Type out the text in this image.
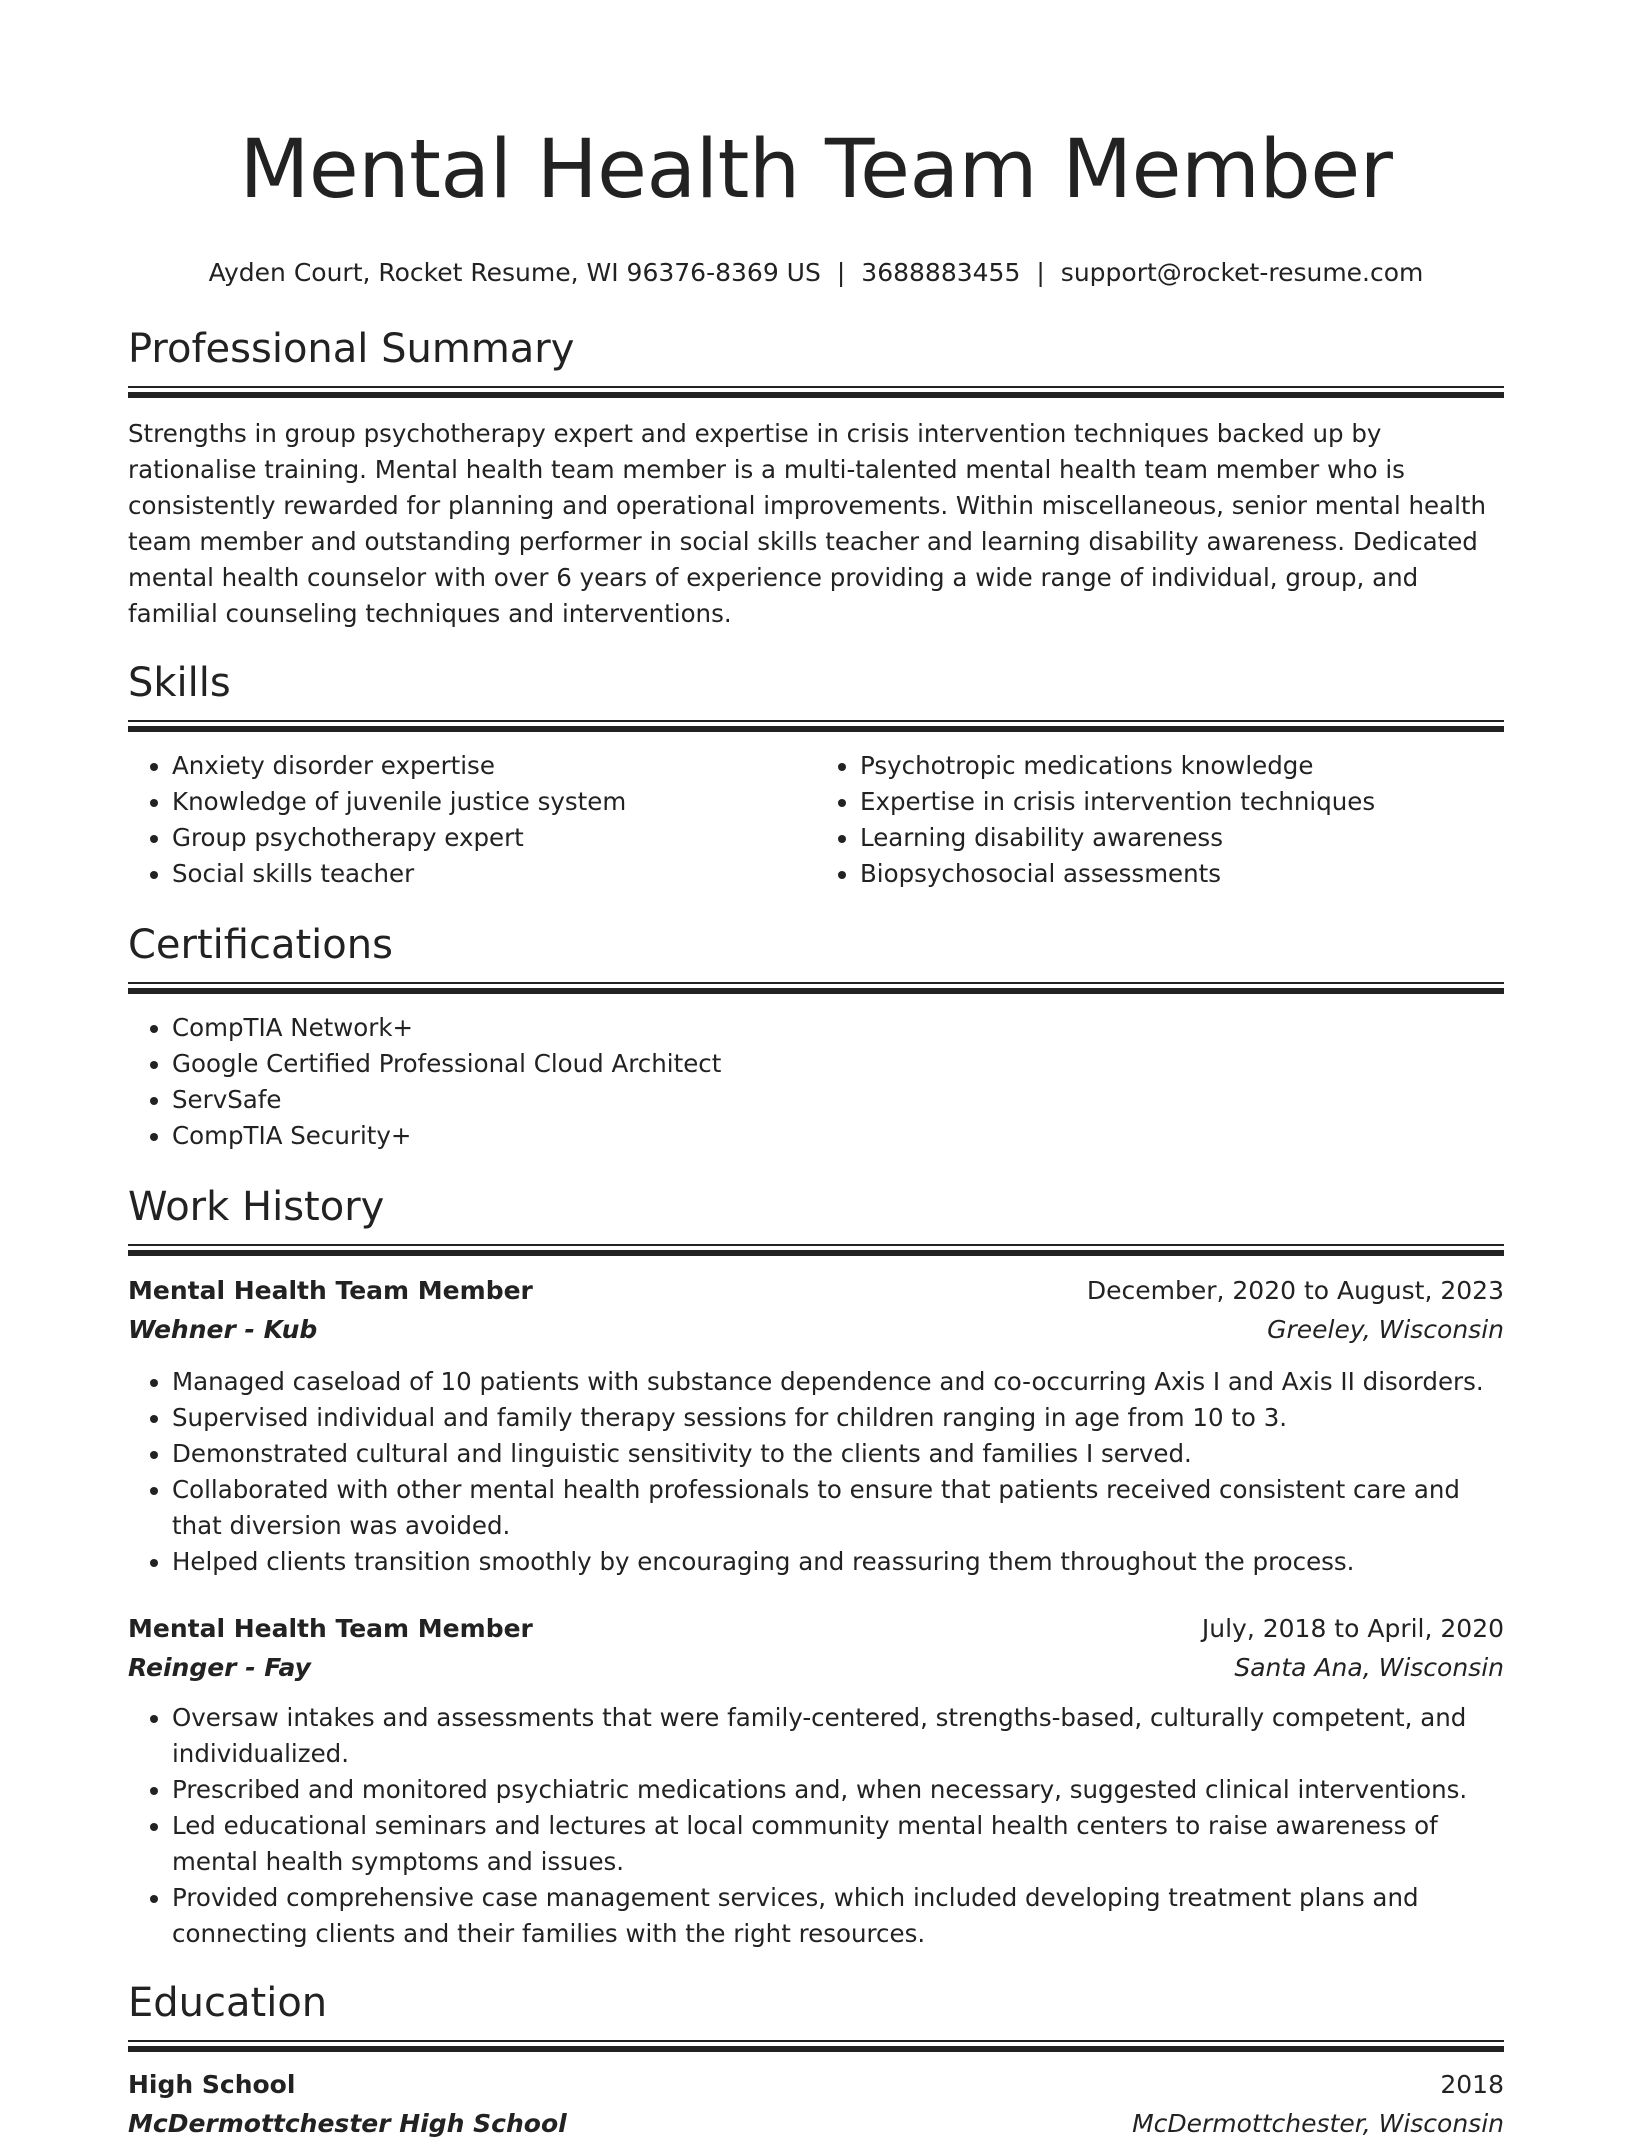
Mental Health Team Member
Ayden Court, Rocket Resume, WI 96376-8369 US | 3688883455 | support@rocket-resume.com
Professional Summary

Strengths in group psychotherapy expert and expertise in crisis intervention techniques backed up by rationalise training. Mental health team member is a multi-talented mental health team member who is consistently rewarded for planning and operational improvements. Within miscellaneous, senior mental health team member and outstanding performer in social skills teacher and learning disability awareness. Dedicated mental health counselor with over 6 years of experience providing a wide range of individual, group, and familial counseling techniques and interventions.

Skills
• Anxiety disorder expertise
• Knowledge of juvenile justice system
• Group psychotherapy expert
• Social skills teacher
• Psychotropic medications knowledge
• Expertise in crisis intervention techniques
• Learning disability awareness
• Biopsychosocial assessments
Certifications
• CompTIA Network+
• Google Certified Professional Cloud Architect
• ServSafe
• CompTIA Security+
Work History
Mental Health Team Member	December, 2020 to August, 2023
Wehner - Kub	Greeley, Wisconsin
• Managed caseload of 10 patients with substance dependence and co-occurring Axis I and Axis II disorders.
• Supervised individual and family therapy sessions for children ranging in age from 10 to 3.
• Demonstrated cultural and linguistic sensitivity to the clients and families I served.
• Collaborated with other mental health professionals to ensure that patients received consistent care and that diversion was avoided.
• Helped clients transition smoothly by encouraging and reassuring them throughout the process.
Mental Health Team Member	July, 2018 to April, 2020
Reinger - Fay	Santa Ana, Wisconsin
• Oversaw intakes and assessments that were family-centered, strengths-based, culturally competent, and individualized.
• Prescribed and monitored psychiatric medications and, when necessary, suggested clinical interventions.
• Led educational seminars and lectures at local community mental health centers to raise awareness of mental health symptoms and issues.
• Provided comprehensive case management services, which included developing treatment plans and connecting clients and their families with the right resources.
Education
High School	2018
McDermottchester High School	McDermottchester, Wisconsin
